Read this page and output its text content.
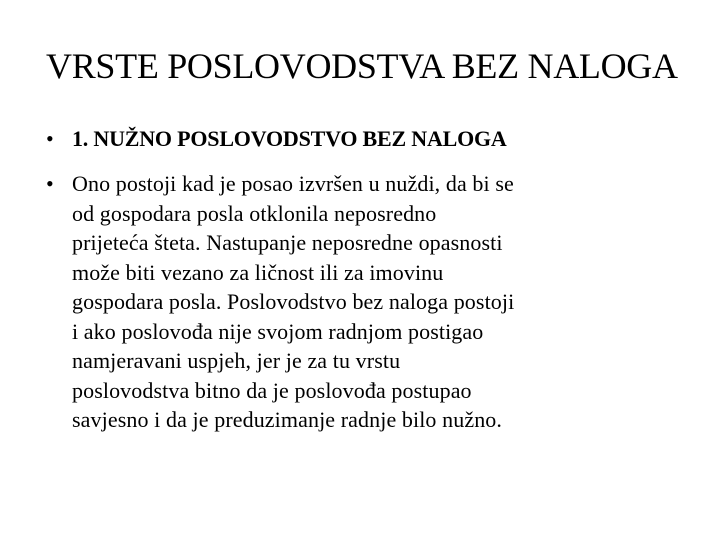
VRSTE POSLOVODSTVA BEZ NALOGA
• 1. NUŽNO POSLOVODSTVO BEZ NALOGA
• Ono postoji kad je posao izvršen u nuždi, da bi se
od gospodara posla otklonila neposredno
prijeteća šteta. Nastupanje neposredne opasnosti
može biti vezano za ličnost ili za imovinu
gospodara posla. Poslovodstvo bez naloga postoji
i ako poslovođa nije svojom radnjom postigao
namjeravani uspjeh, jer je za tu vrstu
poslovodstva bitno da je poslovođa postupao
savjesno i da je preduzimanje radnje bilo nužno.
